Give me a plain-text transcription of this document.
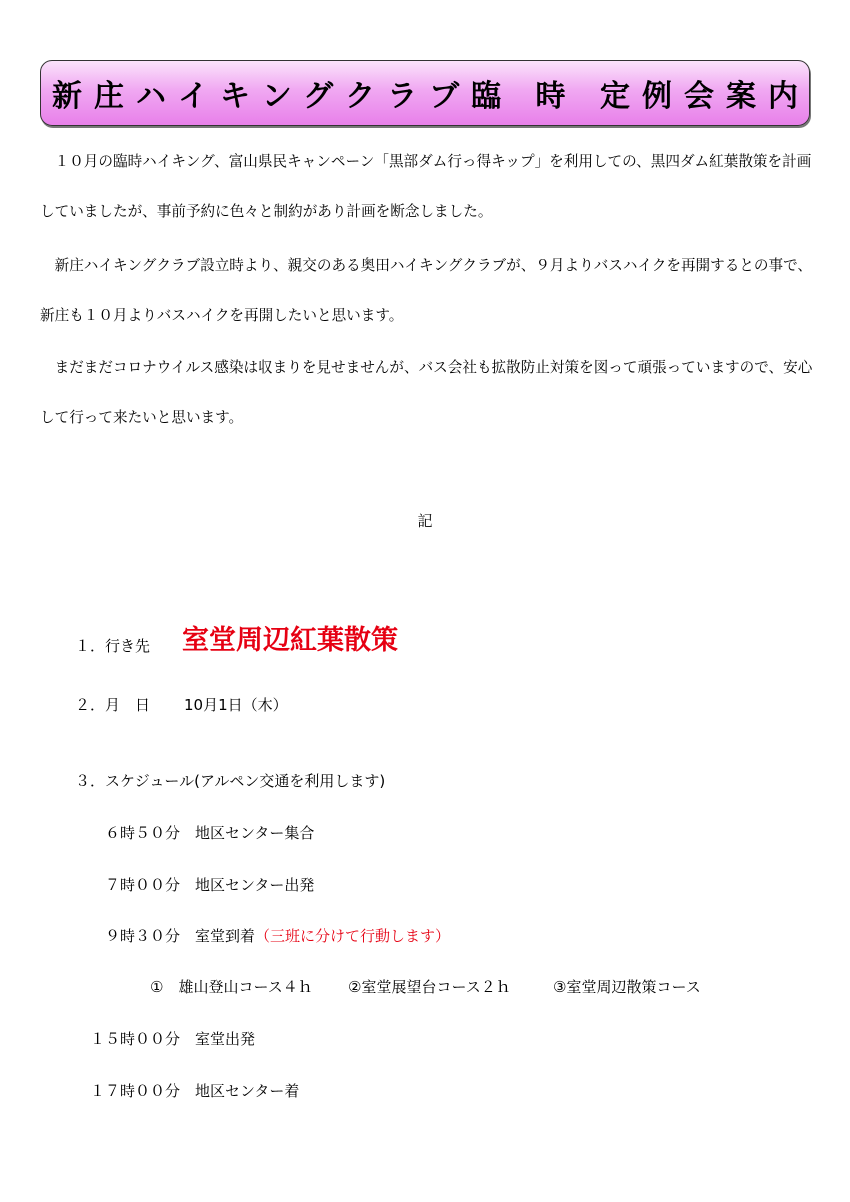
新庄ハイキングクラブ臨 時 定例会案内

１０月の臨時ハイキング、富山県民キャンペーン「黒部ダム行っ得キップ」を利用しての、黒四ダム紅葉散策を計画していましたが、事前予約に色々と制約があり計画を断念しました。

新庄ハイキングクラブ設立時より、親交のある奥田ハイキングクラブが、９月よりバスハイクを再開するとの事で、新庄も１０月よりバスハイクを再開したいと思います。

まだまだコロナウイルス感染は収まりを見せませんが、バス会社も拡散防止対策を図って頑張っていますので、安心して行って来たいと思います。

記
１．行き先 室堂周辺紅葉散策
２．月　日 10月1日（木）
３．スケジュール(アルペン交通を利用します)
６時５０分　 地区センター集合
７時００分　 地区センター出発
９時３０分　 室堂到着（三班に分けて行動します）
①　雄山登山コース４ｈ ②室堂展望台コース２ｈ	③室堂周辺散策コース
１５時００分　 室堂出発
１７時００分　 地区センター着
